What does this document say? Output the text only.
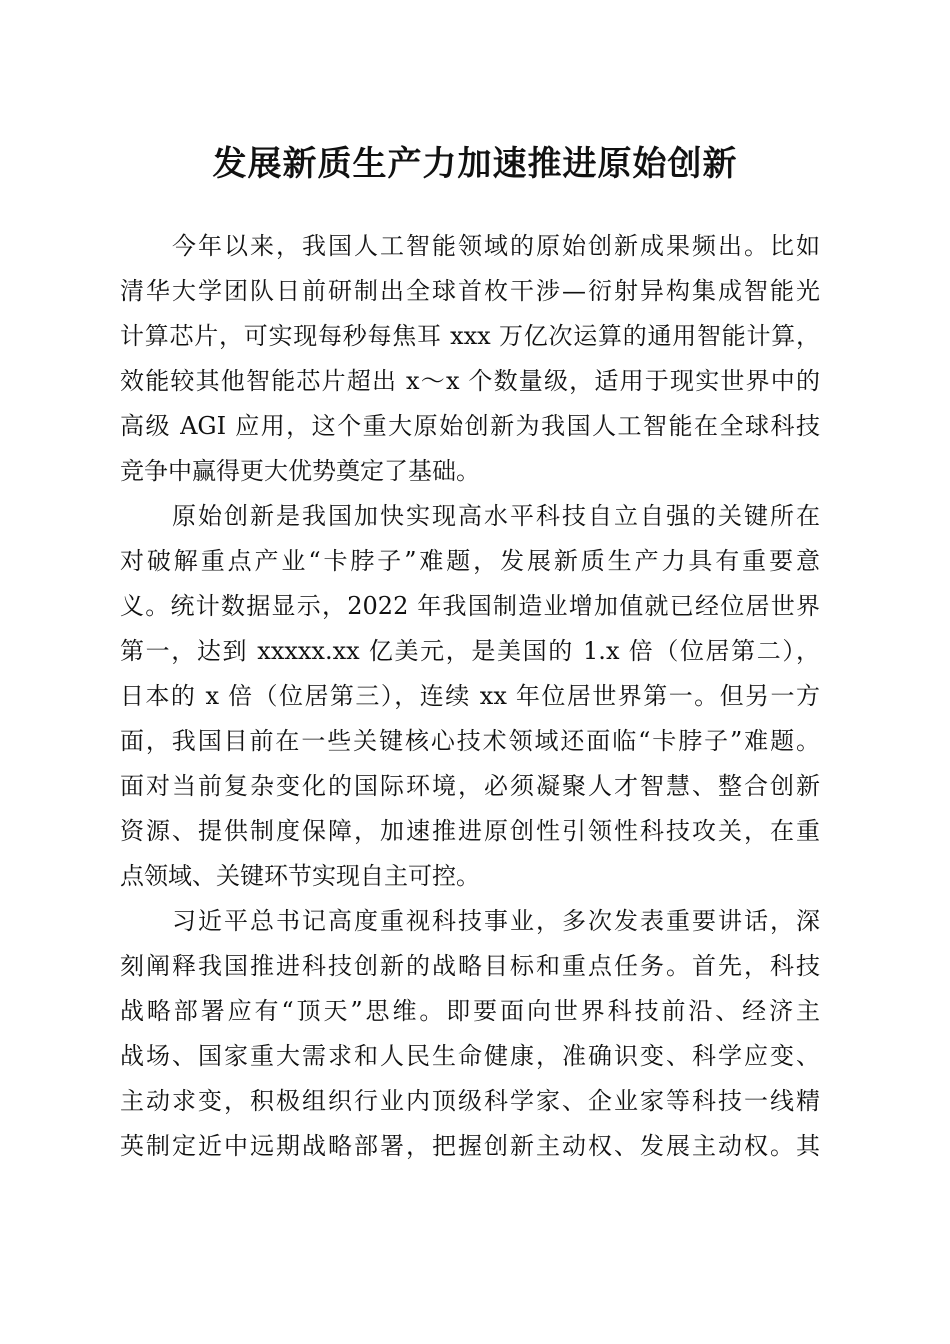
发展新质生产力加速推进原始创新
今年以来，我国人工智能领域的原始创新成果频出。比如
清华大学团队日前研制出全球首枚干涉—衍射异构集成智能光
计算芯片，可实现每秒每焦耳 xxx 万亿次运算的通用智能计算，
效能较其他智能芯片超出 x～x 个数量级，适用于现实世界中的
高级 AGI 应用，这个重大原始创新为我国人工智能在全球科技
竞争中赢得更大优势奠定了基础。
原始创新是我国加快实现高水平科技自立自强的关键所在
对破解重点产业“卡脖子”难题，发展新质生产力具有重要意
义。统计数据显示，2022 年我国制造业增加值就已经位居世界
第一，达到 xxxxx.xx 亿美元，是美国的 1.x 倍（位居第二），
日本的 x 倍（位居第三），连续 xx 年位居世界第一。但另一方
面，我国目前在一些关键核心技术领域还面临“卡脖子”难题。
面对当前复杂变化的国际环境，必须凝聚人才智慧、整合创新
资源、提供制度保障，加速推进原创性引领性科技攻关，在重
点领域、关键环节实现自主可控。
习近平总书记高度重视科技事业，多次发表重要讲话，深
刻阐释我国推进科技创新的战略目标和重点任务。首先，科技
战略部署应有“顶天”思维。即要面向世界科技前沿、经济主
战场、国家重大需求和人民生命健康，准确识变、科学应变、
主动求变，积极组织行业内顶级科学家、企业家等科技一线精
英制定近中远期战略部署，把握创新主动权、发展主动权。其
